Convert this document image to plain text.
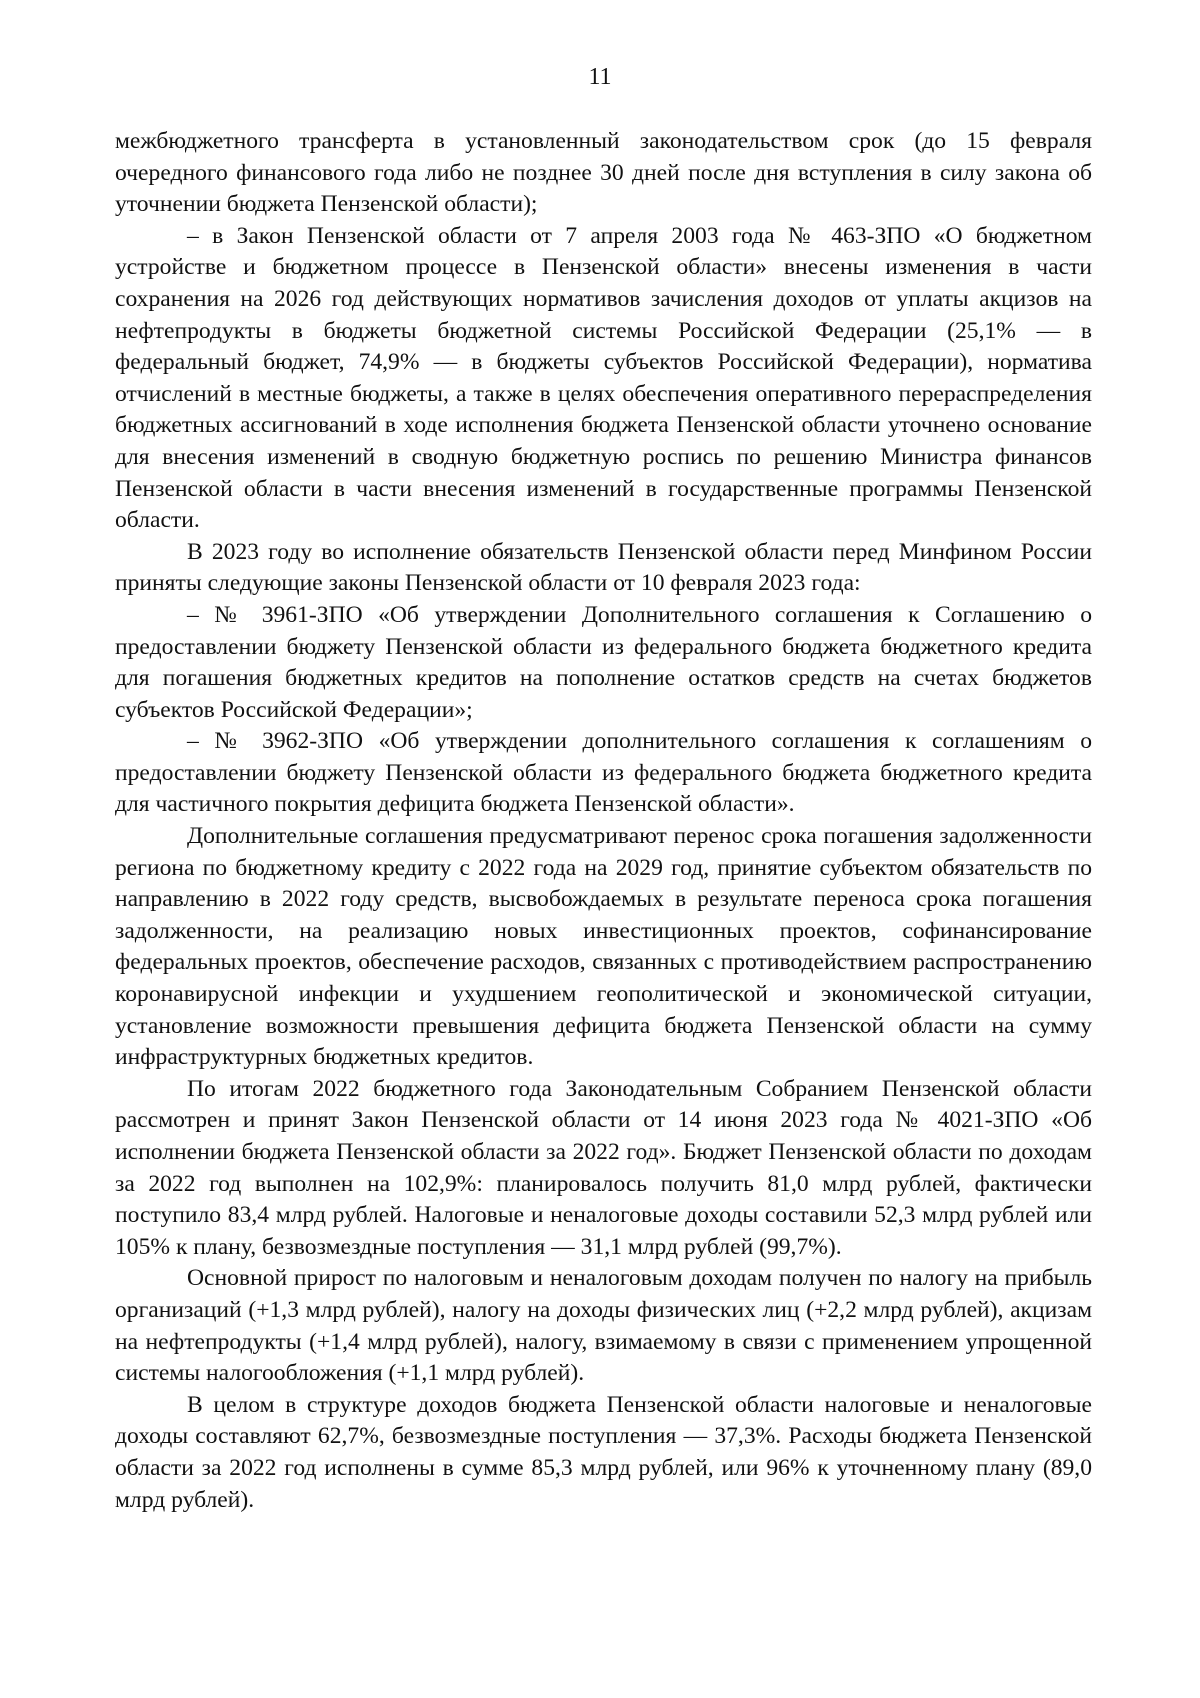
11

межбюджетного трансферта в установленный законодательством срок (до 15 февраля очередного финансового года либо не позднее 30 дней после дня вступления в силу закона об уточнении бюджета Пензенской области);

– в Закон Пензенской области от 7 апреля 2003 года № 463-ЗПО «О бюджетном устройстве и бюджетном процессе в Пензенской области» внесены изменения в части сохранения на 2026 год действующих нормативов зачисления доходов от уплаты акцизов на нефтепродукты в бюджеты бюджетной системы Российской Федерации (25,1% — в федеральный бюджет, 74,9% — в бюджеты субъектов Российской Федерации), норматива отчислений в местные бюджеты, а также в целях обеспечения оперативного перераспределения бюджетных ассигнований в ходе исполнения бюджета Пензенской области уточнено основание для внесения изменений в сводную бюджетную роспись по решению Министра финансов Пензенской области в части внесения изменений в государственные программы Пензенской области.

В 2023 году во исполнение обязательств Пензенской области перед Минфином России приняты следующие законы Пензенской области от 10 февраля 2023 года:

– № 3961-ЗПО «Об утверждении Дополнительного соглашения к Соглашению о предоставлении бюджету Пензенской области из федерального бюджета бюджетного кредита для погашения бюджетных кредитов на пополнение остатков средств на счетах бюджетов субъектов Российской Федерации»;

– № 3962-ЗПО «Об утверждении дополнительного соглашения к соглашениям о предоставлении бюджету Пензенской области из федерального бюджета бюджетного кредита для частичного покрытия дефицита бюджета Пензенской области».

Дополнительные соглашения предусматривают перенос срока погашения задолженности региона по бюджетному кредиту с 2022 года на 2029 год, принятие субъектом обязательств по направлению в 2022 году средств, высвобождаемых в результате переноса срока погашения задолженности, на реализацию новых инвестиционных проектов, софинансирование федеральных проектов, обеспечение расходов, связанных с противодействием распространению коронавирусной инфекции и ухудшением геополитической и экономической ситуации, установление возможности превышения дефицита бюджета Пензенской области на сумму инфраструктурных бюджетных кредитов.

По итогам 2022 бюджетного года Законодательным Собранием Пензенской области рассмотрен и принят Закон Пензенской области от 14 июня 2023 года № 4021-ЗПО «Об исполнении бюджета Пензенской области за 2022 год». Бюджет Пензенской области по доходам за 2022 год выполнен на 102,9%: планировалось получить 81,0 млрд рублей, фактически поступило 83,4 млрд рублей. Налоговые и неналоговые доходы составили 52,3 млрд рублей или 105% к плану, безвозмездные поступления — 31,1 млрд рублей (99,7%).

Основной прирост по налоговым и неналоговым доходам получен по налогу на прибыль организаций (+1,3 млрд рублей), налогу на доходы физических лиц (+2,2 млрд рублей), акцизам на нефтепродукты (+1,4 млрд рублей), налогу, взимаемому в связи с применением упрощенной системы налогообложения (+1,1 млрд рублей).

В целом в структуре доходов бюджета Пензенской области налоговые и неналоговые доходы составляют 62,7%, безвозмездные поступления — 37,3%. Расходы бюджета Пензенской области за 2022 год исполнены в сумме 85,3 млрд рублей, или 96% к уточненному плану (89,0 млрд рублей).
